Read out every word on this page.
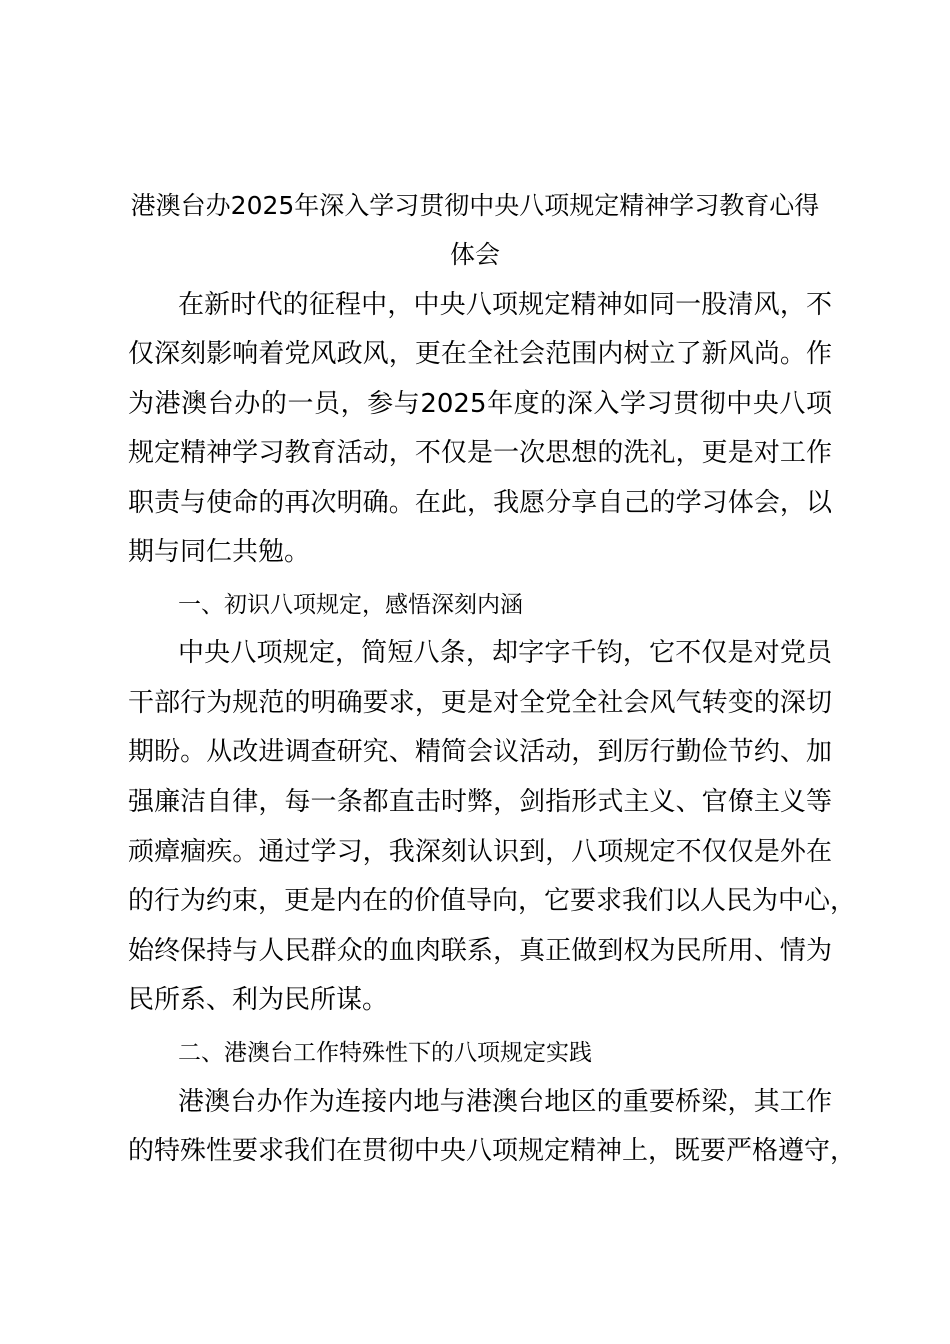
港澳台办2025年深入学习贯彻中央八项规定精神学习教育心得
体会
在新时代的征程中，中央八项规定精神如同一股清风，不
仅深刻影响着党风政风，更在全社会范围内树立了新风尚。作
为港澳台办的一员，参与2025年度的深入学习贯彻中央八项
规定精神学习教育活动，不仅是一次思想的洗礼，更是对工作
职责与使命的再次明确。在此，我愿分享自己的学习体会，以
期与同仁共勉。
一、初识八项规定，感悟深刻内涵
中央八项规定，简短八条，却字字千钧，它不仅是对党员
干部行为规范的明确要求，更是对全党全社会风气转变的深切
期盼。从改进调查研究、精简会议活动，到厉行勤俭节约、加
强廉洁自律，每一条都直击时弊，剑指形式主义、官僚主义等
顽瘴痼疾。通过学习，我深刻认识到，八项规定不仅仅是外在
的行为约束，更是内在的价值导向，它要求我们以人民为中心，
始终保持与人民群众的血肉联系，真正做到权为民所用、情为
民所系、利为民所谋。
二、港澳台工作特殊性下的八项规定实践
港澳台办作为连接内地与港澳台地区的重要桥梁，其工作
的特殊性要求我们在贯彻中央八项规定精神上，既要严格遵守，
